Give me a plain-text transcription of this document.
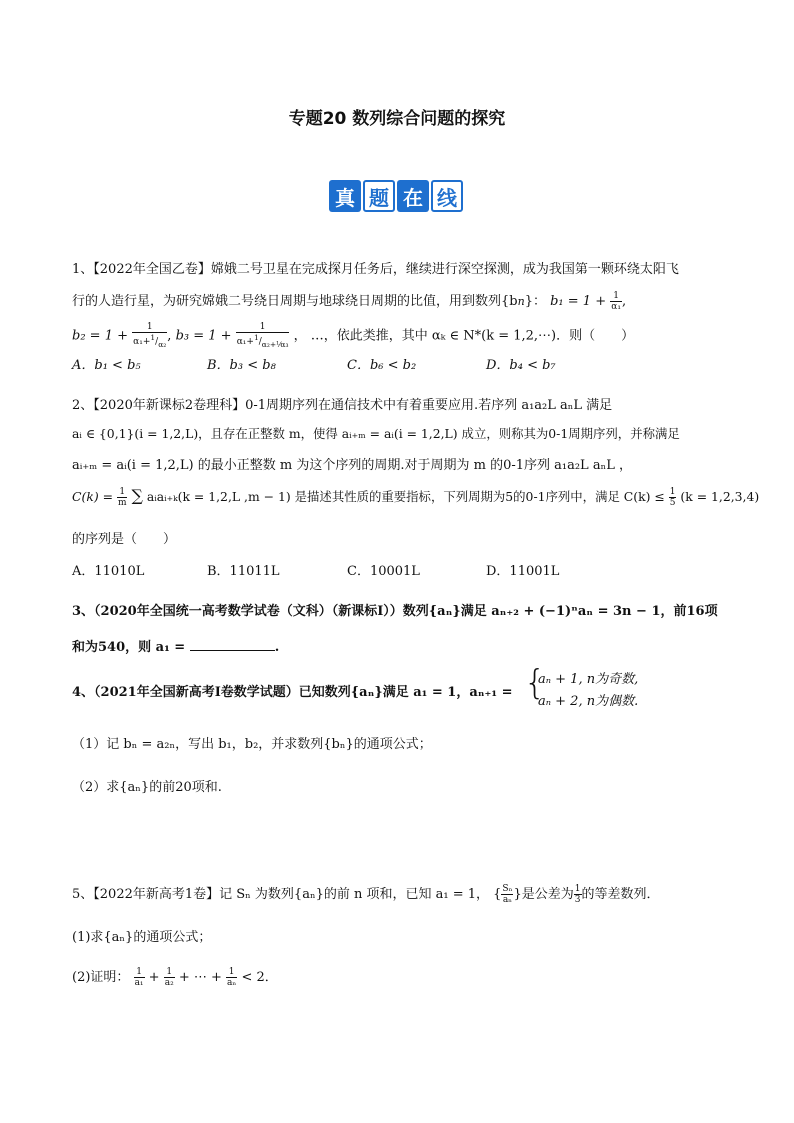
专题20 数列综合问题的探究
真 题 在 线
1、【2022年全国乙卷】嫦娥二号卫星在完成探月任务后，继续进行深空探测，成为我国第一颗环绕太阳飞
行的人造行星，为研究嫦娥二号绕日周期与地球绕日周期的比值，用到数列{bn}： $b_1 = 1 + \frac{1}{\text{α₁}}$ ,
$b_2 = 1 + \frac{1}{\alpha_1+^1/_{\alpha_2}}$ , $b_3 = 1 + \frac{1}{\alpha_1+^1/_{\alpha_2+^1⁄\alpha_3}}$ ， …，依此类推，其中 αₖ ∈ N*(k = 1,2,⋯)．则（　　）
A．b₁ < b₅	B．b₃ < b₈	C．b₆ < b₂	D．b₄ < b₇
2、【2020年新课标2卷理科】0-1周期序列在通信技术中有着重要应用.若序列 a₁a₂L aₙL 满足
aᵢ ∈ {0,1}(i = 1,2,L)，且存在正整数 m，使得 aᵢ₊ₘ = aᵢ(i = 1,2,L) 成立，则称其为0-1周期序列，并称满足
aᵢ₊ₘ = aᵢ(i = 1,2,L) 的最小正整数 m 为这个序列的周期.对于周期为 m 的0-1序列 a₁a₂L aₙL ，
$C(k) = \frac{1}{m}$ ∑ aᵢaᵢ₊ₖ(k = 1,2,L ,m − 1) 是描述其性质的重要指标，下列周期为5的0-1序列中，满足 $C(k) \le \frac{1}{5} (k = 1,2,3,4)$
的序列是（　　）
A．11010L	B．11011L	C．10001L	D．11001L
3、（2020年全国统一高考数学试卷（文科）（新课标Ⅰ））数列{aₙ}满足 aₙ₊₂ + (−1)ⁿaₙ = 3n − 1，前16项
和为540，则 a₁ =	.
4、（2021年全国新高考Ⅰ卷数学试题）已知数列{aₙ}满足 a₁ = 1，aₙ₊₁ = {
aₙ + 1, n为奇数,
aₙ + 2, n为偶数.
（1）记 bₙ = a₂ₙ，写出 b₁，b₂，并求数列{bₙ}的通项公式；
（2）求{aₙ}的前20项和.
5、【2022年新高考1卷】记 Sₙ 为数列{aₙ}的前 n 项和，已知 a₁ = 1， { $\frac{\text{Sₙ}}{\text{aₙ}}$ }是公差为 $\frac{1}{3}$ 的等差数列．
(1)求{aₙ}的通项公式；
(2)证明： $\frac{1}{\text{a₁}} + \frac{1}{\text{a₂}}$ + ⋯ + $\frac{1}{\text{aₙ}} < 2$．
